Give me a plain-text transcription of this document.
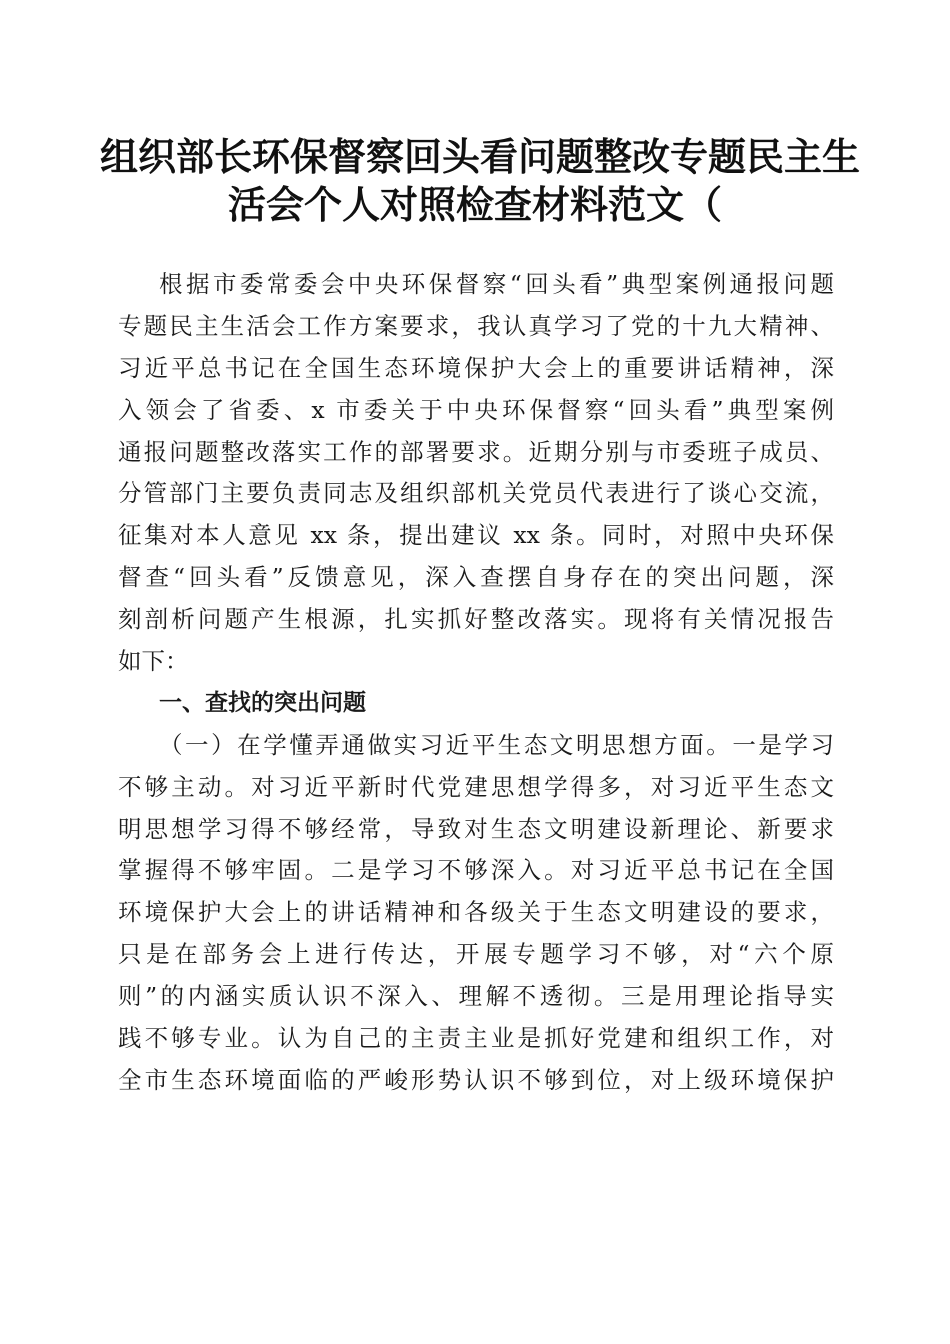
组织部长环保督察回头看问题整改专题民主生
活会个人对照检查材料范文（
根据市委常委会中央环保督察“回头看”典型案例通报问题
专题民主生活会工作方案要求，我认真学习了党的十九大精神、
习近平总书记在全国生态环境保护大会上的重要讲话精神，深
入领会了省委、x 市委关于中央环保督察“回头看”典型案例
通报问题整改落实工作的部署要求。近期分别与市委班子成员、
分管部门主要负责同志及组织部机关党员代表进行了谈心交流，
征集对本人意见 xx 条，提出建议 xx 条。同时，对照中央环保
督查“回头看”反馈意见，深入查摆自身存在的突出问题，深
刻剖析问题产生根源，扎实抓好整改落实。现将有关情况报告
如下：
一、查找的突出问题
（一）在学懂弄通做实习近平生态文明思想方面。一是学习
不够主动。对习近平新时代党建思想学得多，对习近平生态文
明思想学习得不够经常，导致对生态文明建设新理论、新要求
掌握得不够牢固。二是学习不够深入。对习近平总书记在全国
环境保护大会上的讲话精神和各级关于生态文明建设的要求，
只是在部务会上进行传达，开展专题学习不够，对“六个原
则”的内涵实质认识不深入、理解不透彻。三是用理论指导实
践不够专业。认为自己的主责主业是抓好党建和组织工作，对
全市生态环境面临的严峻形势认识不够到位，对上级环境保护
